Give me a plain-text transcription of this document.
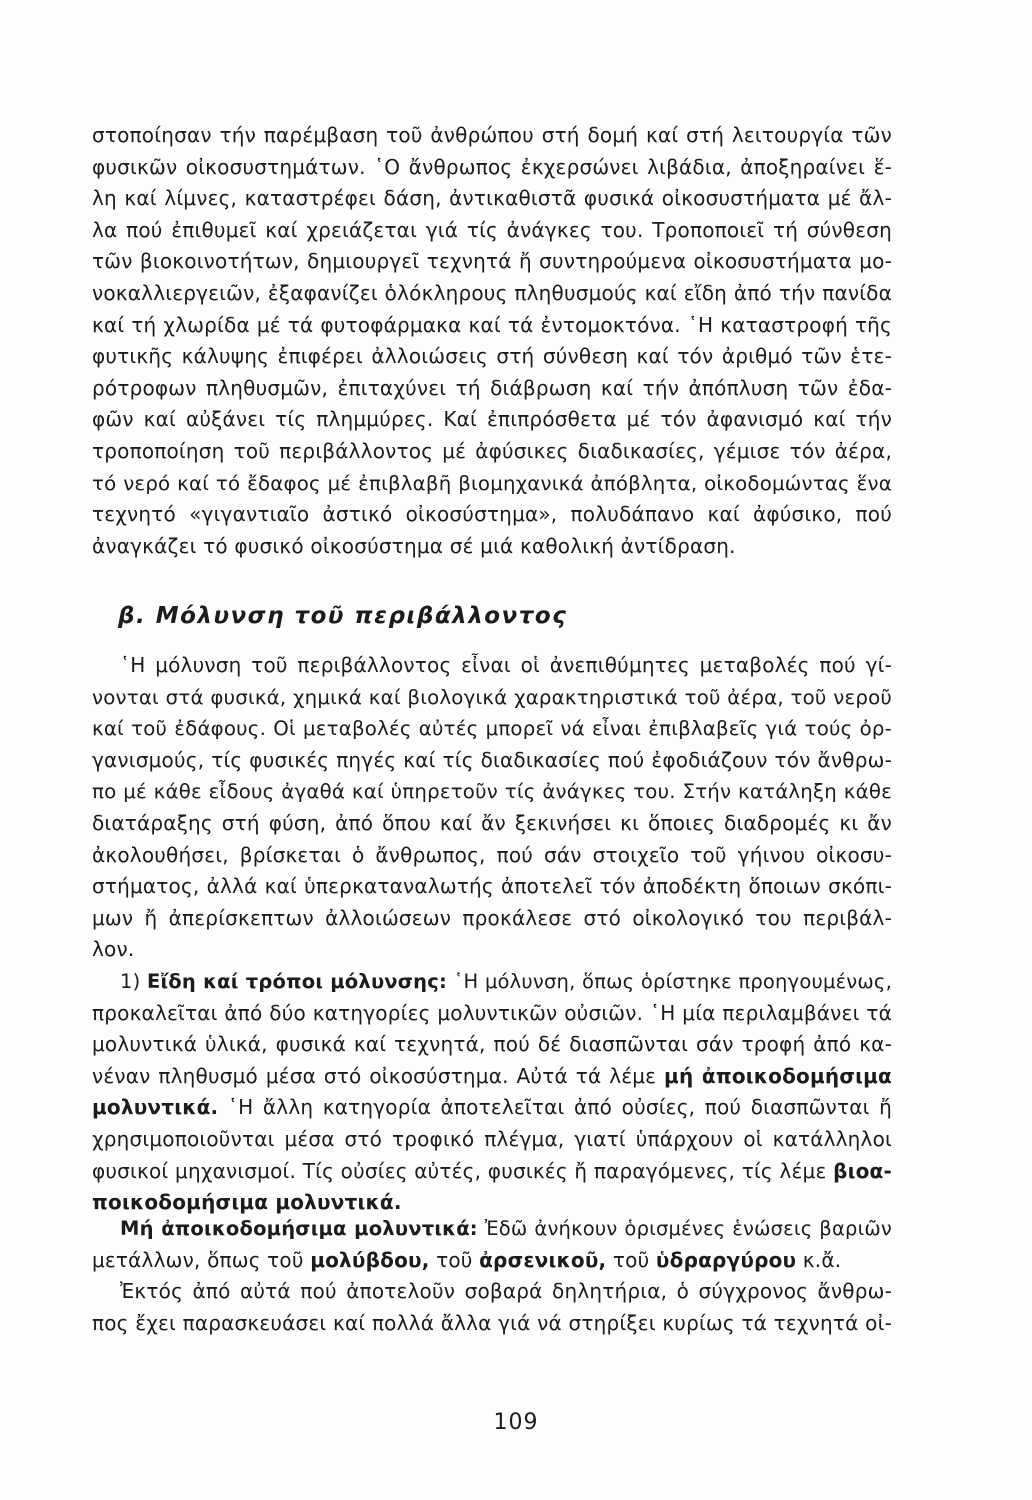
στοποίησαν τήν παρέμβαση τοῦ ἀνθρώπου στή δομή καί στή λειτουργία τῶν
φυσικῶν οἰκοσυστημάτων. ῾Ο ἄνθρωπος ἐκχερσώνει λιβάδια, ἀποξηραίνει ἕ-
λη καί λίμνες, καταστρέφει δάση, ἀντικαθιστᾶ φυσικά οἰκοσυστήματα μέ ἄλ-
λα πού ἐπιθυμεῖ καί χρειάζεται γιά τίς ἀνάγκες του. Τροποποιεῖ τή σύνθεση
τῶν βιοκοινοτήτων, δημιουργεῖ τεχνητά ἤ συντηρούμενα οἰκοσυστήματα μο-
νοκαλλιεργειῶν, ἐξαφανίζει ὁλόκληρους πληθυσμούς καί εἴδη ἀπό τήν πανίδα
καί τή χλωρίδα μέ τά φυτοφάρμακα καί τά ἐντομοκτόνα. ῾Η καταστροφή τῆς
φυτικῆς κάλυψης ἐπιφέρει ἀλλοιώσεις στή σύνθεση καί τόν ἀριθμό τῶν ἑτε-
ρότροφων πληθυσμῶν, ἐπιταχύνει τή διάβρωση καί τήν ἀπόπλυση τῶν ἐδα-
φῶν καί αὐξάνει τίς πλημμύρες. Καί ἐπιπρόσθετα μέ τόν ἀφανισμό καί τήν
τροποποίηση τοῦ περιβάλλοντος μέ ἀφύσικες διαδικασίες, γέμισε τόν ἀέρα,
τό νερό καί τό ἔδαφος μέ ἐπιβλαβῆ βιομηχανικά ἀπόβλητα, οἰκοδομώντας ἕνα
τεχνητό «γιγαντιαῖο ἀστικό οἰκοσύστημα», πολυδάπανο καί ἀφύσικο, πού
ἀναγκάζει τό φυσικό οἰκοσύστημα σέ μιά καθολική ἀντίδραση.
β. Μόλυνση τοῦ περιβάλλοντος
῾Η μόλυνση τοῦ περιβάλλοντος εἶναι οἱ ἀνεπιθύμητες μεταβολές πού γί-
νονται στά φυσικά, χημικά καί βιολογικά χαρακτηριστικά τοῦ ἀέρα, τοῦ νεροῦ
καί τοῦ ἐδάφους. Οἱ μεταβολές αὐτές μπορεῖ νά εἶναι ἐπιβλαβεῖς γιά τούς ὀρ-
γανισμούς, τίς φυσικές πηγές καί τίς διαδικασίες πού ἐφοδιάζουν τόν ἄνθρω-
πο μέ κάθε εἶδους ἀγαθά καί ὑπηρετοῦν τίς ἀνάγκες του. Στήν κατάληξη κάθε
διατάραξης στή φύση, ἀπό ὅπου καί ἄν ξεκινήσει κι ὅποιες διαδρομές κι ἄν
ἀκολουθήσει, βρίσκεται ὁ ἄνθρωπος, πού σάν στοιχεῖο τοῦ γήινου οἰκοσυ-
στήματος, ἀλλά καί ὑπερκαταναλωτής ἀποτελεῖ τόν ἀποδέκτη ὅποιων σκόπι-
μων ἤ ἀπερίσκεπτων ἀλλοιώσεων προκάλεσε στό οἰκολογικό του περιβάλ-
λον.
1) Εἴδη καί τρόποι μόλυνσης: ῾Η μόλυνση, ὅπως ὁρίστηκε προηγουμένως,
προκαλεῖται ἀπό δύο κατηγορίες μολυντικῶν οὐσιῶν. ῾Η μία περιλαμβάνει τά
μολυντικά ὑλικά, φυσικά καί τεχνητά, πού δέ διασπῶνται σάν τροφή ἀπό κα-
νέναν πληθυσμό μέσα στό οἰκοσύστημα. Αὐτά τά λέμε μή ἀποικοδομήσιμα
μολυντικά. ῾Η ἄλλη κατηγορία ἀποτελεῖται ἀπό οὐσίες, πού διασπῶνται ἤ
χρησιμοποιοῦνται μέσα στό τροφικό πλέγμα, γιατί ὑπάρχουν οἱ κατάλληλοι
φυσικοί μηχανισμοί. Τίς οὐσίες αὐτές, φυσικές ἤ παραγόμενες, τίς λέμε βιοα-
ποικοδομήσιμα μολυντικά.
Μή ἀποικοδομήσιμα μολυντικά: Ἐδῶ ἀνήκουν ὁρισμένες ἑνώσεις βαριῶν
μετάλλων, ὅπως τοῦ μολύβδου, τοῦ ἀρσενικοῦ, τοῦ ὑδραργύρου κ.ἄ.
Ἐκτός ἀπό αὐτά πού ἀποτελοῦν σοβαρά δηλητήρια, ὁ σύγχρονος ἄνθρω-
πος ἔχει παρασκευάσει καί πολλά ἄλλα γιά νά στηρίξει κυρίως τά τεχνητά οἰ-
109
